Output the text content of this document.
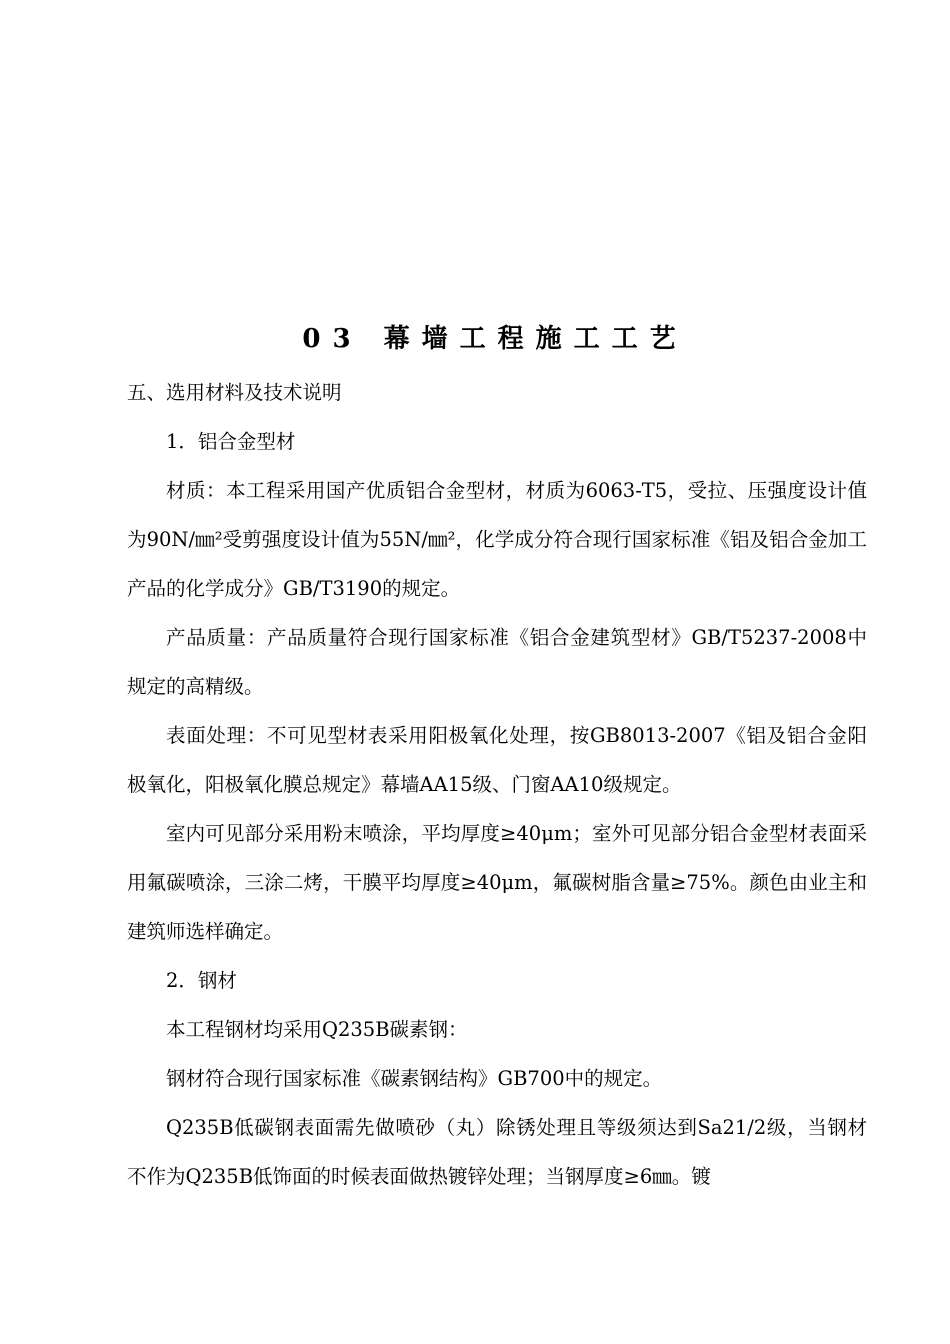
03 幕墙工程施工工艺

五、选用材料及技术说明

1．铝合金型材

材质：本工程采用国产优质铝合金型材，材质为6063-T5，受拉、压强度设计值为90N/㎜²受剪强度设计值为55N/㎜²，化学成分符合现行国家标准《铝及铝合金加工产品的化学成分》GB/T3190的规定。

产品质量：产品质量符合现行国家标准《铝合金建筑型材》GB/T5237-2008中规定的高精级。

表面处理：不可见型材表采用阳极氧化处理，按GB8013-2007《铝及铝合金阳极氧化，阳极氧化膜总规定》幕墙AA15级、门窗AA10级规定。

室内可见部分采用粉末喷涂，平均厚度≥40μm；室外可见部分铝合金型材表面采用氟碳喷涂，三涂二烤，干膜平均厚度≥40μm，氟碳树脂含量≥75%。颜色由业主和建筑师选样确定。

2．钢材

本工程钢材均采用Q235B碳素钢：

钢材符合现行国家标准《碳素钢结构》GB700中的规定。

Q235B低碳钢表面需先做喷砂（丸）除锈处理且等级须达到Sa21/2级，当钢材不作为Q235B低饰面的时候表面做热镀锌处理；当钢厚度≥6㎜。镀
